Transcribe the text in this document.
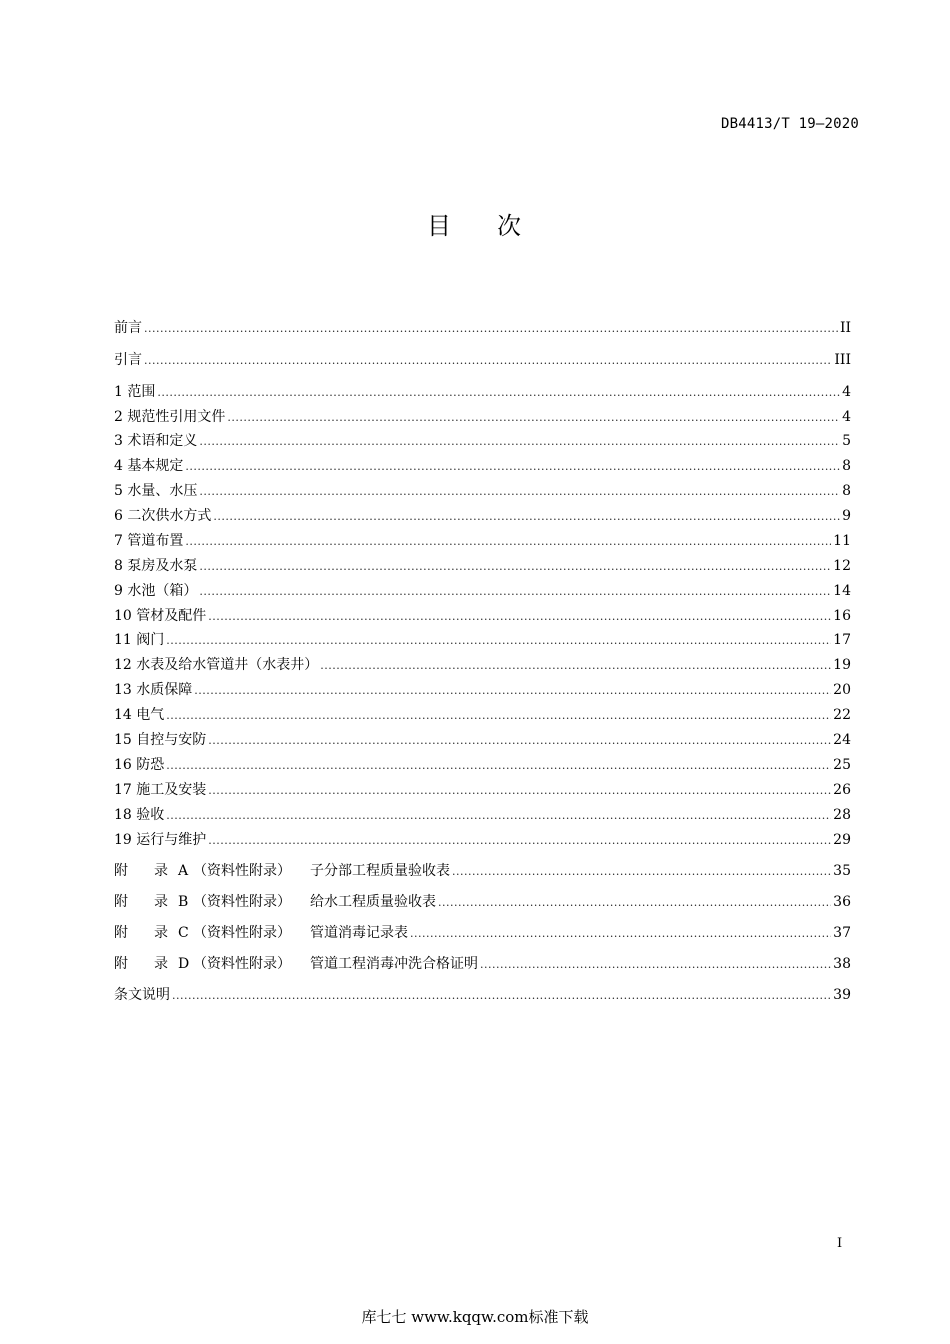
DB4413/T 19—2020
目 次
前言 .....	II
引言 .....	III
1 范围 .....	4
2 规范性引用文件 .....	4
3 术语和定义 .....	5
4 基本规定 .....	8
5 水量、水压 .....	8
6 二次供水方式 .....	9
7 管道布置 .....	11
8 泵房及水泵 .....	12
9 水池（箱） .....	14
10 管材及配件 .....	16
11 阀门 .....	17
12 水表及给水管道井（水表井） .....	19
13 水质保障 .....	20
14 电气 .....	22
15 自控与安防 .....	24
16 防恐 .....	25
17 施工及安装 .....	26
18 验收 .....	28
19 运行与维护 .....	29
附 录 A （资料性附录） 子分部工程质量验收表 .....	35
附 录 B （资料性附录） 给水工程质量验收表 .....	36
附 录 C （资料性附录） 管道消毒记录表 .....	37
附 录 D （资料性附录） 管道工程消毒冲洗合格证明 .....	38
条文说明 .....	39
I
库七七 www.kqqw.com标准下载
